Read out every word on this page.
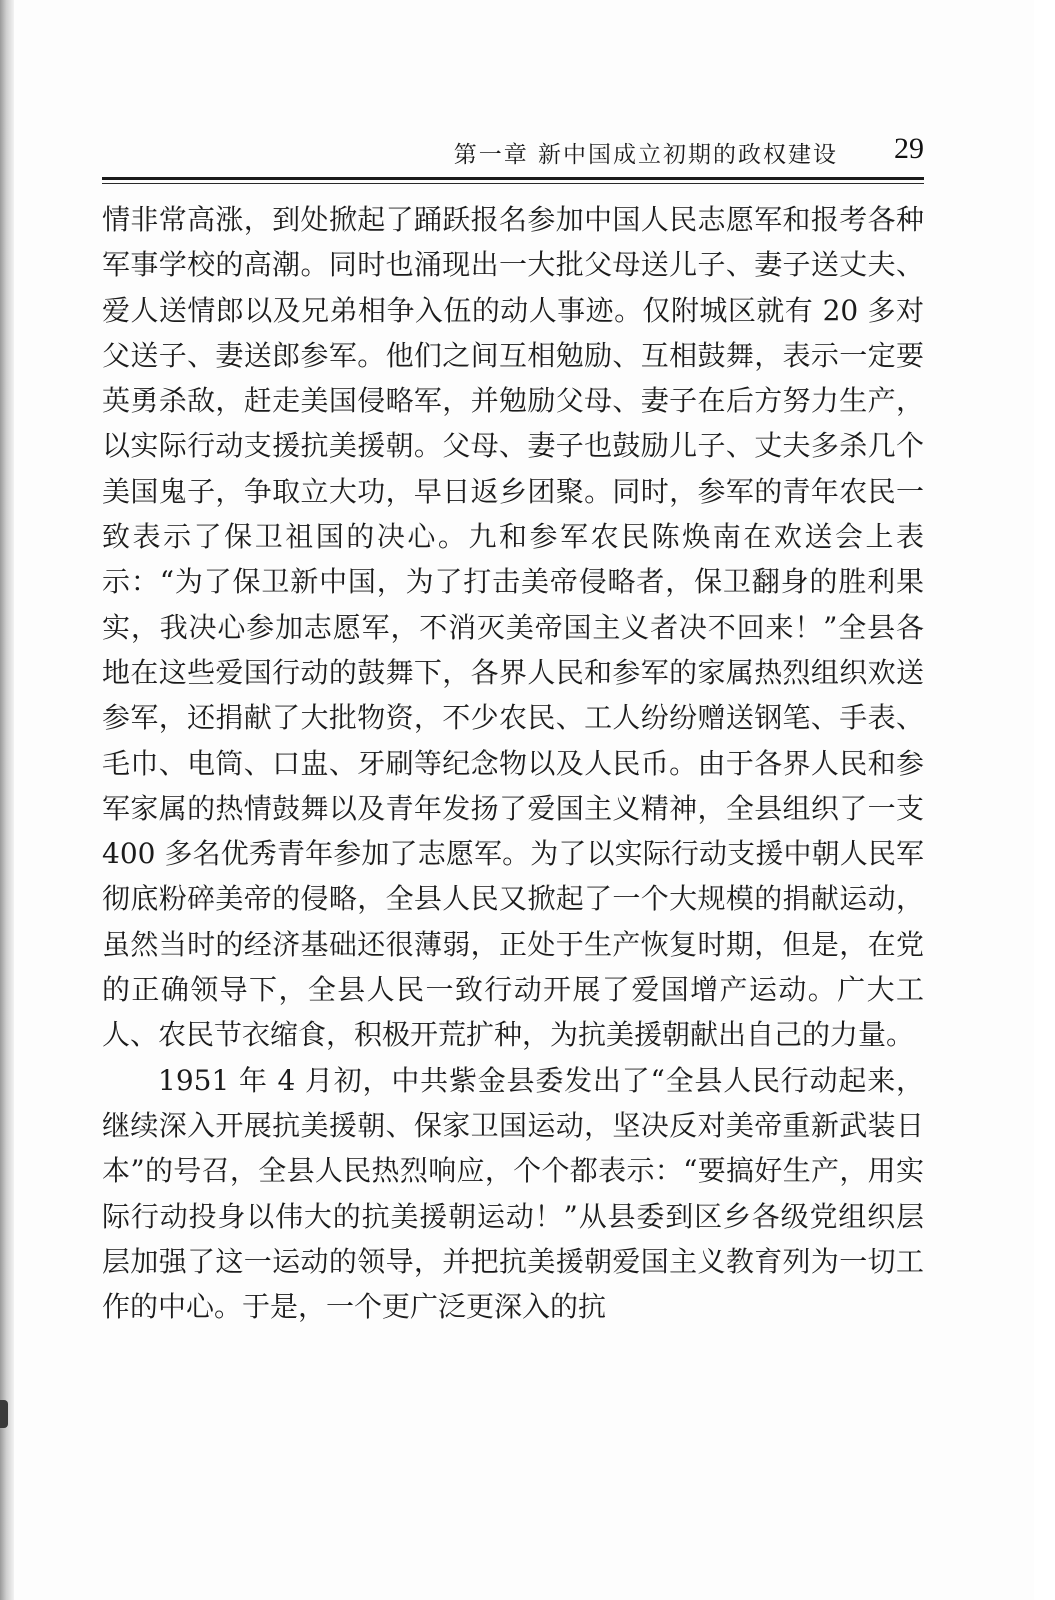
第一章 新中国成立初期的政权建设 29

情非常高涨，到处掀起了踊跃报名参加中国人民志愿军和报考各种军事学校的高潮。同时也涌现出一大批父母送儿子、妻子送丈夫、爱人送情郎以及兄弟相争入伍的动人事迹。仅附城区就有 20 多对父送子、妻送郎参军。他们之间互相勉励、互相鼓舞，表示一定要英勇杀敌，赶走美国侵略军，并勉励父母、妻子在后方努力生产，以实际行动支援抗美援朝。父母、妻子也鼓励儿子、丈夫多杀几个美国鬼子，争取立大功，早日返乡团聚。同时，参军的青年农民一致表示了保卫祖国的决心。九和参军农民陈焕南在欢送会上表示：“为了保卫新中国，为了打击美帝侵略者，保卫翻身的胜利果实，我决心参加志愿军，不消灭美帝国主义者决不回来！”全县各地在这些爱国行动的鼓舞下，各界人民和参军的家属热烈组织欢送参军，还捐献了大批物资，不少农民、工人纷纷赠送钢笔、手表、毛巾、电筒、口盅、牙刷等纪念物以及人民币。由于各界人民和参军家属的热情鼓舞以及青年发扬了爱国主义精神，全县组织了一支 400 多名优秀青年参加了志愿军。为了以实际行动支援中朝人民军彻底粉碎美帝的侵略，全县人民又掀起了一个大规模的捐献运动，虽然当时的经济基础还很薄弱，正处于生产恢复时期，但是，在党的正确领导下，全县人民一致行动开展了爱国增产运动。广大工人、农民节衣缩食，积极开荒扩种，为抗美援朝献出自己的力量。

1951 年 4 月初，中共紫金县委发出了“全县人民行动起来，继续深入开展抗美援朝、保家卫国运动，坚决反对美帝重新武装日本”的号召，全县人民热烈响应，个个都表示：“要搞好生产，用实际行动投身以伟大的抗美援朝运动！”从县委到区乡各级党组织层层加强了这一运动的领导，并把抗美援朝爱国主义教育列为一切工作的中心。于是，一个更广泛更深入的抗
